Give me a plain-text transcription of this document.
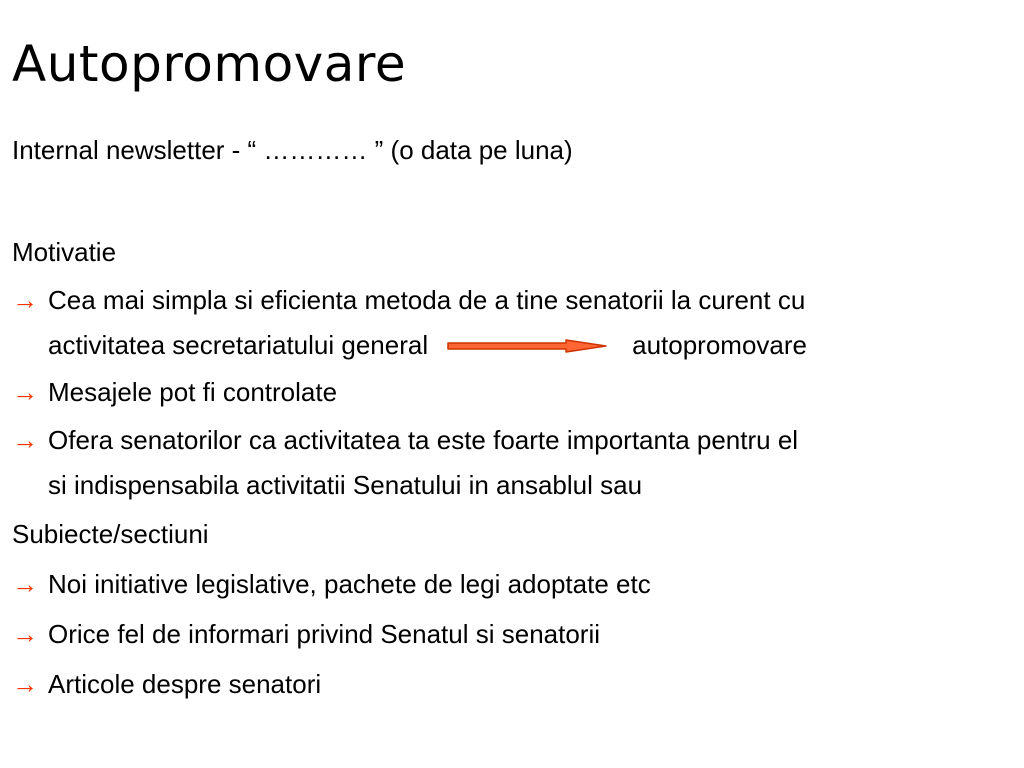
Autopromovare
Internal newsletter - “ ………… ” (o data pe luna)
Motivatie
→ Cea mai simpla si eficienta metoda de a tine senatorii la curent cu
activitatea secretariatului general	autopromovare
→ Mesajele pot fi controlate
→ Ofera senatorilor ca activitatea ta este foarte importanta pentru el
si indispensabila activitatii Senatului in ansablul sau
Subiecte/sectiuni
→ Noi initiative legislative, pachete de legi adoptate etc
→ Orice fel de informari privind Senatul si senatorii
→ Articole despre senatori
